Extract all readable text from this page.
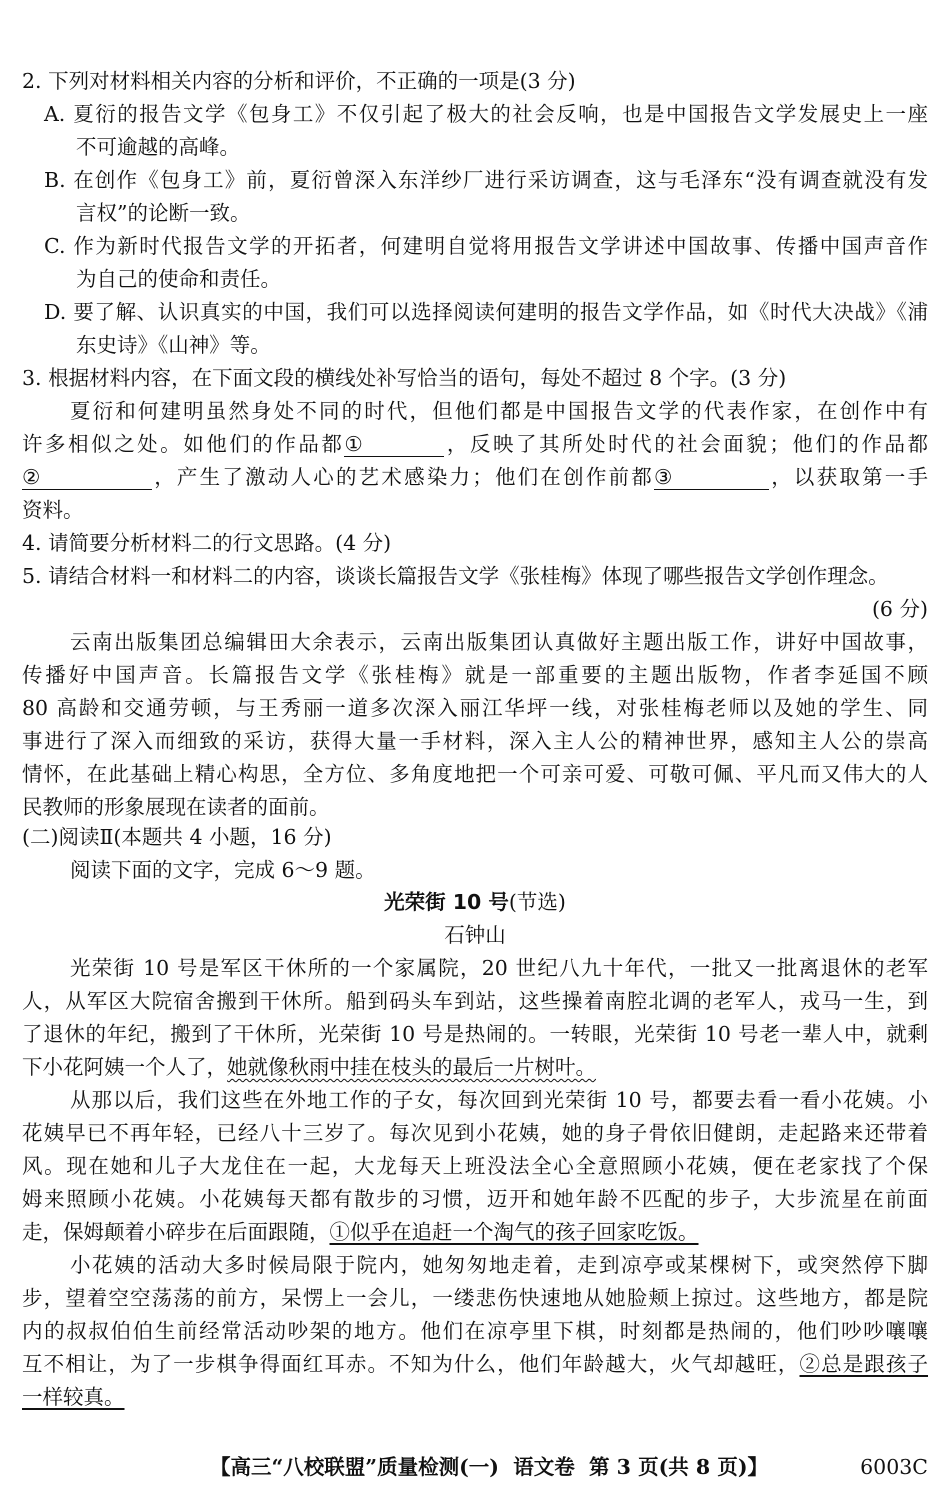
2. 下列对材料相关内容的分析和评价，不正确的一项是(3 分)
A. 夏衍的报告文学《包身工》不仅引起了极大的社会反响，也是中国报告文学发展史上一座
不可逾越的高峰。
B. 在创作《包身工》前，夏衍曾深入东洋纱厂进行采访调查，这与毛泽东“没有调查就没有发
言权”的论断一致。
C. 作为新时代报告文学的开拓者，何建明自觉将用报告文学讲述中国故事、传播中国声音作
为自己的使命和责任。
D. 要了解、认识真实的中国，我们可以选择阅读何建明的报告文学作品，如《时代大决战》《浦
东史诗》《山神》等。
3. 根据材料内容，在下面文段的横线处补写恰当的语句，每处不超过 8 个字。(3 分)
夏衍和何建明虽然身处不同的时代，但他们都是中国报告文学的代表作家，在创作中有
许多相似之处。如他们的作品都①	，反映了其所处时代的社会面貌；他们的作品都
②	，产生了激动人心的艺术感染力；他们在创作前都③	，以获取第一手
资料。
4. 请简要分析材料二的行文思路。(4 分)
5. 请结合材料一和材料二的内容，谈谈长篇报告文学《张桂梅》体现了哪些报告文学创作理念。
(6 分)
云南出版集团总编辑田大余表示，云南出版集团认真做好主题出版工作，讲好中国故事，
传播好中国声音。长篇报告文学《张桂梅》就是一部重要的主题出版物，作者李延国不顾
80 高龄和交通劳顿，与王秀丽一道多次深入丽江华坪一线，对张桂梅老师以及她的学生、同
事进行了深入而细致的采访，获得大量一手材料，深入主人公的精神世界，感知主人公的崇高
情怀，在此基础上精心构思，全方位、多角度地把一个可亲可爱、可敬可佩、平凡而又伟大的人
民教师的形象展现在读者的面前。
(二)阅读Ⅱ(本题共 4 小题，16 分)
阅读下面的文字，完成 6～9 题。
光荣街 10 号(节选)
石钟山
光荣街 10 号是军区干休所的一个家属院，20 世纪八九十年代，一批又一批离退休的老军
人，从军区大院宿舍搬到干休所。船到码头车到站，这些操着南腔北调的老军人，戎马一生，到
了退休的年纪，搬到了干休所，光荣街 10 号是热闹的。一转眼，光荣街 10 号老一辈人中，就剩
下小花阿姨一个人了，她就像秋雨中挂在枝头的最后一片树叶。
从那以后，我们这些在外地工作的子女，每次回到光荣街 10 号，都要去看一看小花姨。小
花姨早已不再年轻，已经八十三岁了。每次见到小花姨，她的身子骨依旧健朗，走起路来还带着
风。现在她和儿子大龙住在一起，大龙每天上班没法全心全意照顾小花姨，便在老家找了个保
姆来照顾小花姨。小花姨每天都有散步的习惯，迈开和她年龄不匹配的步子，大步流星在前面
走，保姆颠着小碎步在后面跟随，①似乎在追赶一个淘气的孩子回家吃饭。
小花姨的活动大多时候局限于院内，她匆匆地走着，走到凉亭或某棵树下，或突然停下脚
步，望着空空荡荡的前方，呆愣上一会儿，一缕悲伤快速地从她脸颊上掠过。这些地方，都是院
内的叔叔伯伯生前经常活动吵架的地方。他们在凉亭里下棋，时刻都是热闹的，他们吵吵嚷嚷
互不相让，为了一步棋争得面红耳赤。不知为什么，他们年龄越大，火气却越旺，②总是跟孩子
一样较真。
【高三“八校联盟”质量检测(一) 语文卷 第 3 页(共 8 页)】	6003C
